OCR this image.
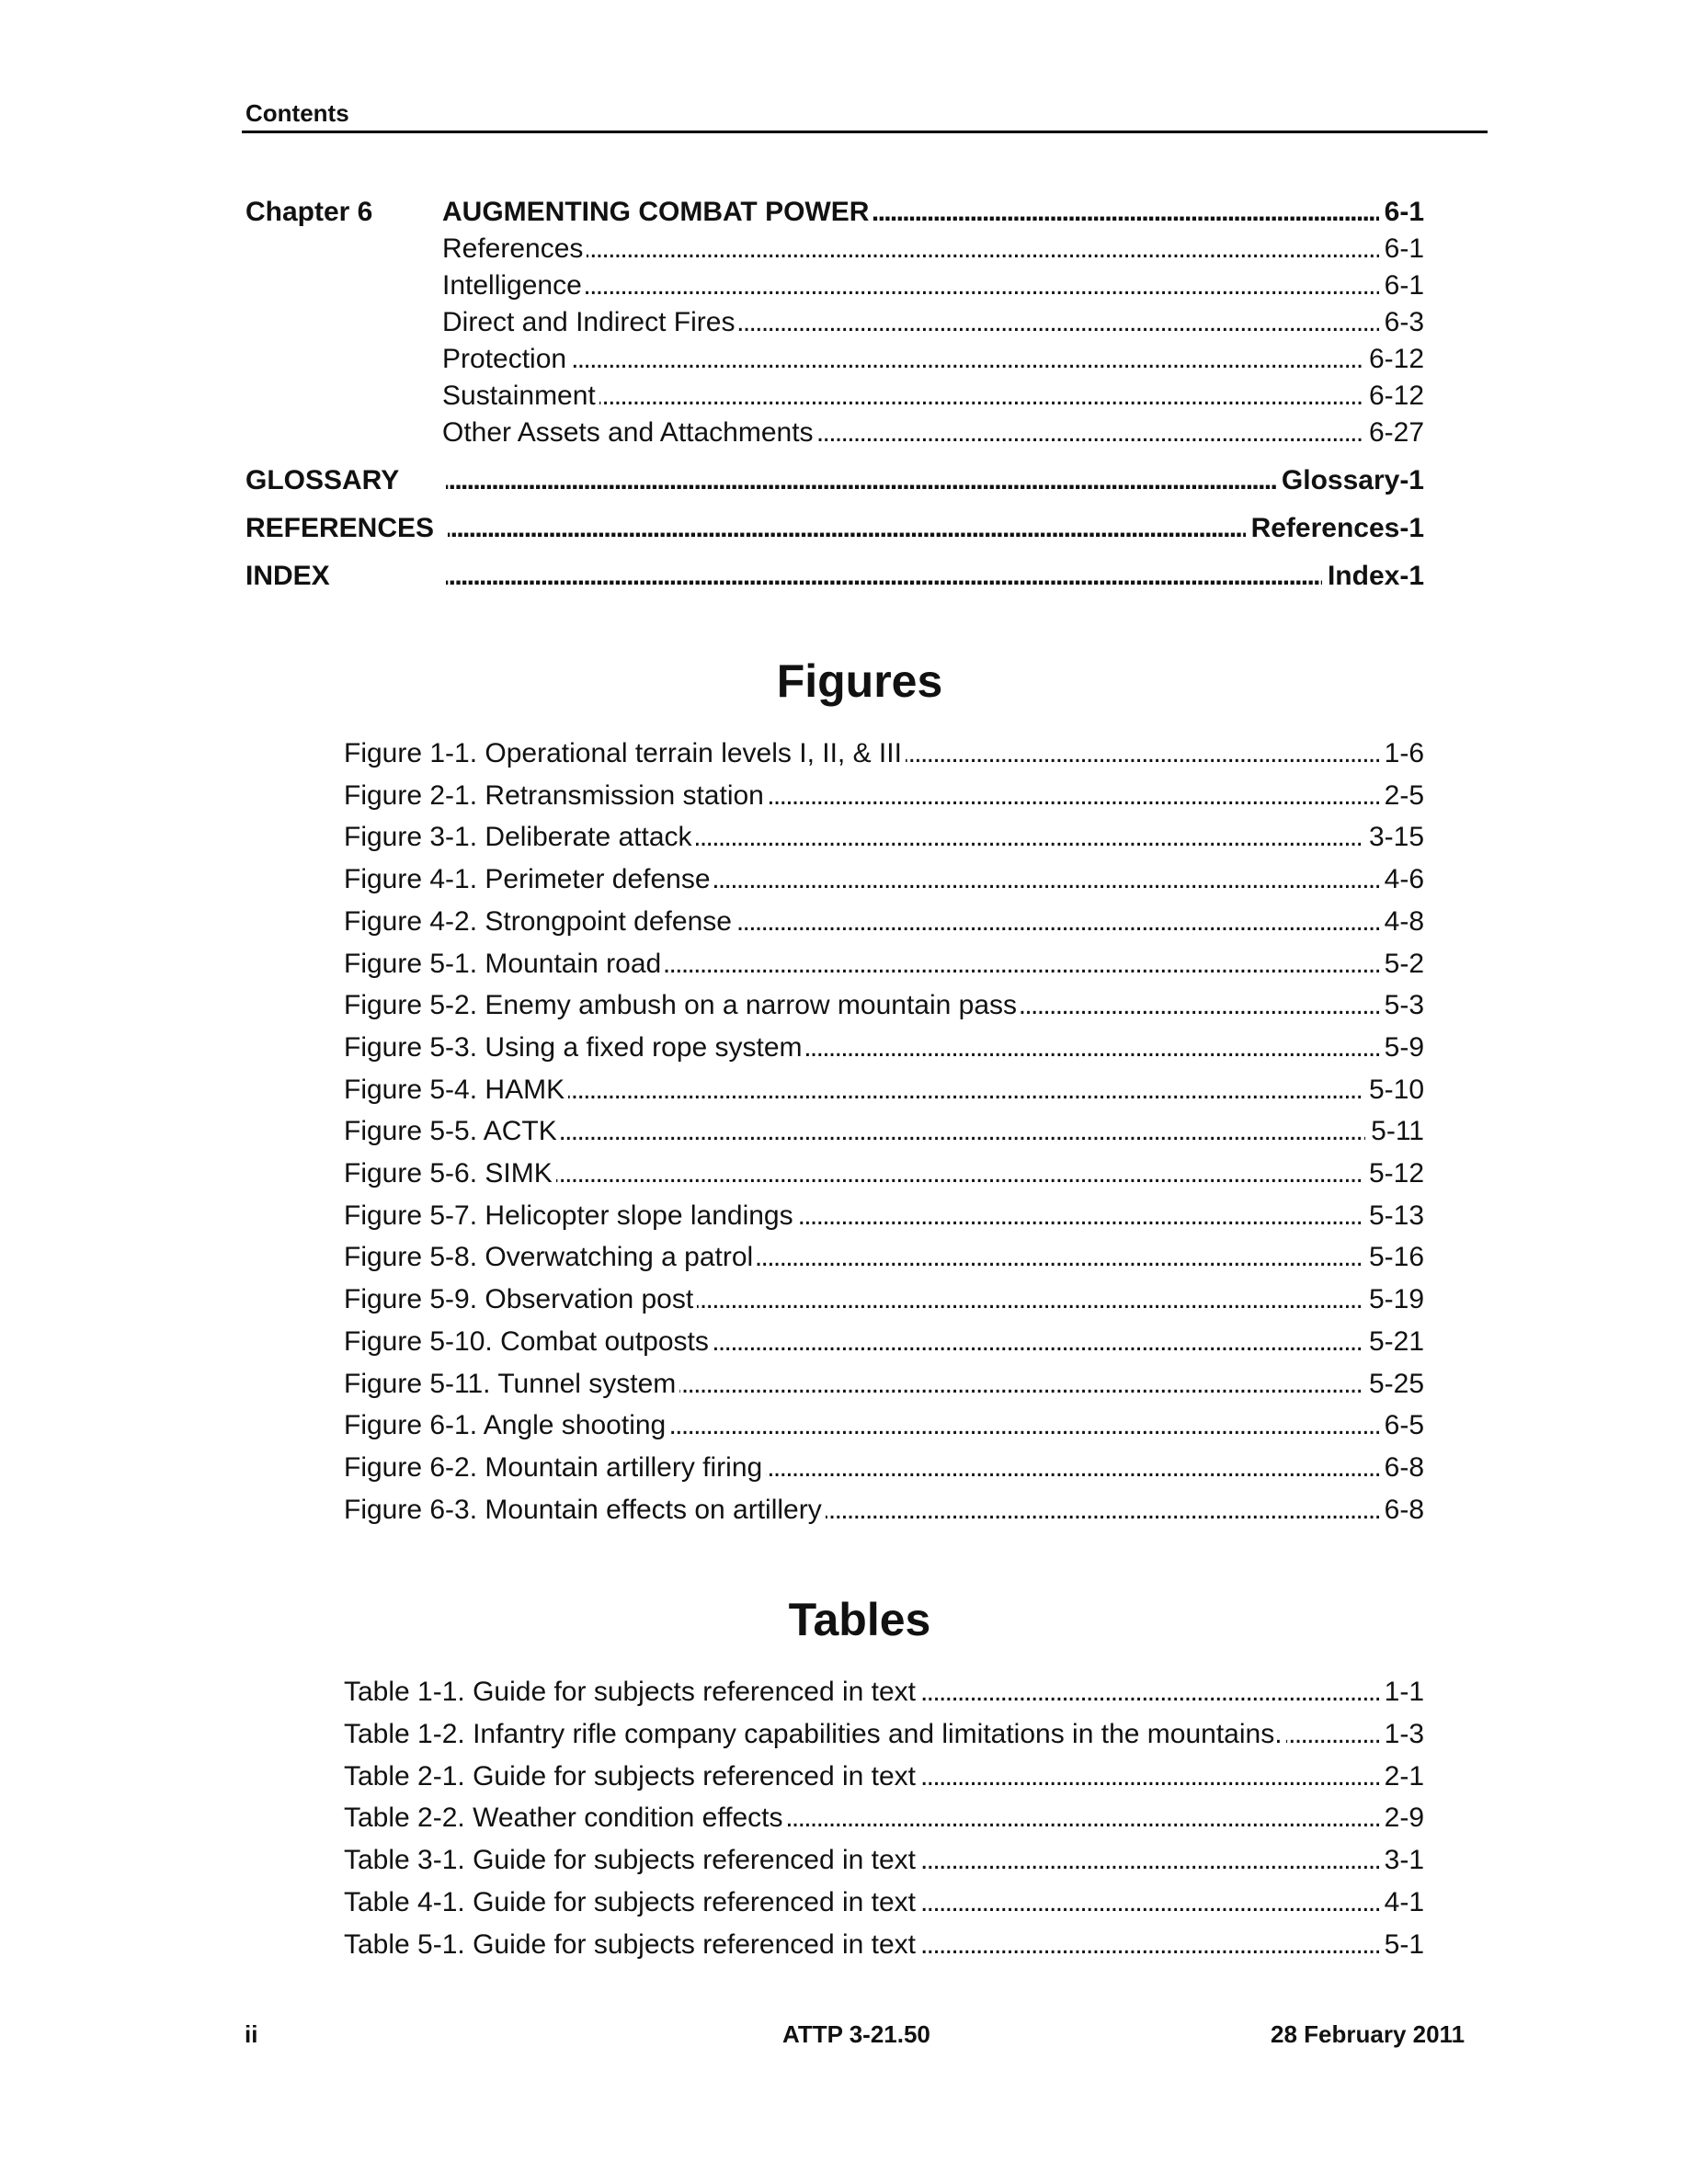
Contents
Chapter 6	AUGMENTING COMBAT POWER . . .	6-1
References . . .	6-1
Intelligence . . .	6-1
Direct and Indirect Fires . . .	6-3
Protection . . .	6-12
Sustainment . . .	6-12
Other Assets and Attachments . . .	6-27
GLOSSARY . . .	Glossary-1
REFERENCES . . .	References-1
INDEX . . .	Index-1
Figures
Figure 1-1. Operational terrain levels I, II, & III . . .	1-6
Figure 2-1. Retransmission station . . .	2-5
Figure 3-1. Deliberate attack . . .	3-15
Figure 4-1. Perimeter defense . . .	4-6
Figure 4-2. Strongpoint defense . . .	4-8
Figure 5-1. Mountain road . . .	5-2
Figure 5-2. Enemy ambush on a narrow mountain pass . . .	5-3
Figure 5-3. Using a fixed rope system . . .	5-9
Figure 5-4. HAMK . . .	5-10
Figure 5-5. ACTK . . .	5-11
Figure 5-6. SIMK . . .	5-12
Figure 5-7. Helicopter slope landings . . .	5-13
Figure 5-8. Overwatching a patrol . . .	5-16
Figure 5-9. Observation post . . .	5-19
Figure 5-10. Combat outposts . . .	5-21
Figure 5-11. Tunnel system . . .	5-25
Figure 6-1. Angle shooting . . .	6-5
Figure 6-2. Mountain artillery firing . . .	6-8
Figure 6-3. Mountain effects on artillery . . .	6-8
Tables
Table 1-1. Guide for subjects referenced in text . . .	1-1
Table 1-2. Infantry rifle company capabilities and limitations in the mountains. . . .	1-3
Table 2-1. Guide for subjects referenced in text . . .	2-1
Table 2-2. Weather condition effects . . .	2-9
Table 3-1. Guide for subjects referenced in text . . .	3-1
Table 4-1. Guide for subjects referenced in text . . .	4-1
Table 5-1. Guide for subjects referenced in text . . .	5-1
ii	ATTP 3-21.50	28 February 2011
